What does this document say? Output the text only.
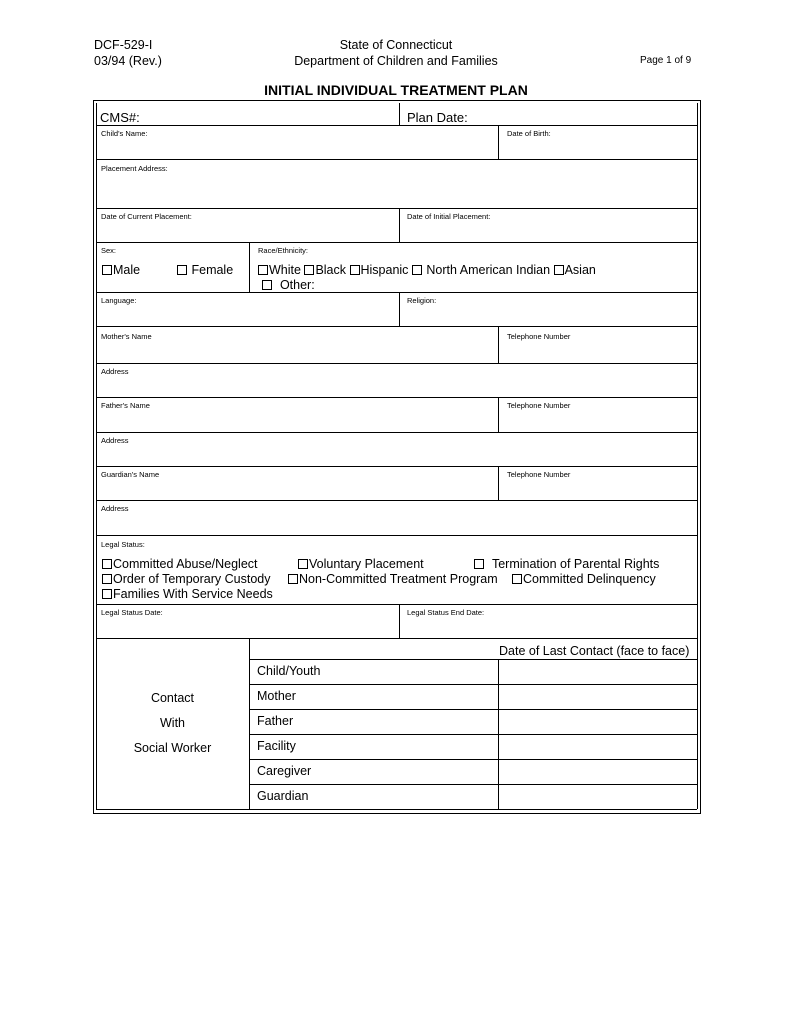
DCF-529-I
03/94 (Rev.)
State of Connecticut
Department of Children and Families	Page 1 of 9
INITIAL INDIVIDUAL TREATMENT PLAN
CMS#:	Plan Date:
Child's Name:	Date of Birth:
Placement Address:
Date of Current Placement:	Date of Initial Placement:
Sex:	Race/Ethnicity:
Male	Female	White Black Hispanic North American Indian Asian
Other:
Language:	Religion:
Mother's Name	Telephone Number
Address
Father's Name	Telephone Number
Address
Guardian's Name	Telephone Number
Address
Legal Status:
Committed Abuse/Neglect	Voluntary Placement	Termination of Parental Rights
Order of Temporary Custody	Non-Committed Treatment Program	Committed Delinquency
Families With Service Needs
Legal Status Date:	Legal Status End Date:
Contact
With
Social Worker
Date of Last Contact (face to face)
Child/Youth
Mother
Father
Facility
Caregiver
Guardian
